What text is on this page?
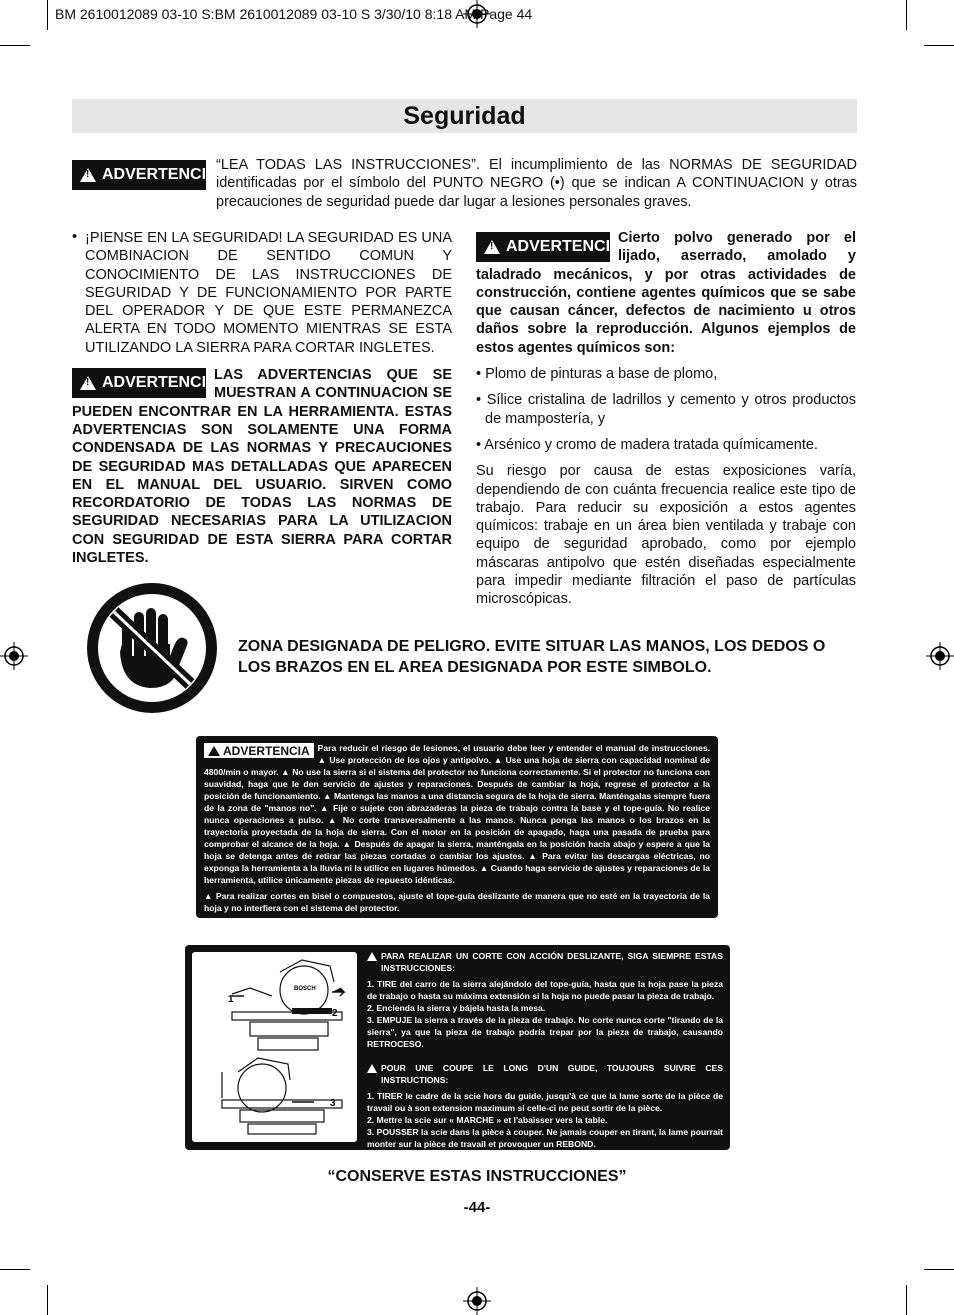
BM 2610012089 03-10 S:BM 2610012089 03-10 S 3/30/10 8:18 AM Page 44
Seguridad
!
ADVERTENCIA

“LEA TODAS LAS INSTRUCCIONES”. El incumplimiento de las NORMAS DE SEGURIDAD identificadas por el símbolo del PUNTO NEGRO (•) que se indican A CONTINUACION y otras precauciones de seguridad puede dar lugar a lesiones personales graves.

• ¡PIENSE EN LA SEGURIDAD! LA SEGURIDAD ES UNA COMBINACION DE SENTIDO COMUN Y CONOCIMIENTO DE LAS INSTRUCCIONES DE SEGURIDAD Y DE FUNCIONAMIENTO POR PARTE DEL OPERADOR Y DE QUE ESTE PERMANEZCA ALERTA EN TODO MOMENTO MIENTRAS SE ESTA UTILIZANDO LA SIERRA PARA CORTAR INGLETES.

!
ADVERTENCIA

LAS ADVERTENCIAS QUE SE MUESTRAN A CONTINUACION SE PUEDEN ENCONTRAR EN LA HERRAMIENTA. ESTAS ADVERTENCIAS SON SOLAMENTE UNA FORMA CONDENSADA DE LAS NORMAS Y PRECAUCIONES DE SEGURIDAD MAS DETALLADAS QUE APARECEN EN EL MANUAL DEL USUARIO. SIRVEN COMO RECORDATORIO DE TODAS LAS NORMAS DE SEGURIDAD NECESARIAS PARA LA UTILIZACION CON SEGURIDAD DE ESTA SIERRA PARA CORTAR INGLETES.

!
ADVERTENCIA

Cierto polvo generado por el lijado, aserrado, amolado y taladrado mecánicos, y por otras actividades de construcción, contiene agentes químicos que se sabe que causan cáncer, defectos de nacimiento u otros daños sobre la reproducción. Algunos ejemplos de estos agentes químicos son:

• Plomo de pinturas a base de plomo,

• Sílice cristalina de ladrillos y cemento y otros productos de mampostería, y

• Arsénico y cromo de madera tratada químicamente.

Su riesgo por causa de estas exposiciones varía, dependiendo de con cuánta frecuencia realice este tipo de trabajo. Para reducir su exposición a estos agentes químicos: trabaje en un área bien ventilada y trabaje con equipo de seguridad aprobado, como por ejemplo máscaras antipolvo que estén diseñadas especialmente para impedir mediante filtración el paso de partículas microscópicas.

ZONA DESIGNADA DE PELIGRO. EVITE SITUAR LAS MANOS, LOS DEDOS O LOS BRAZOS EN EL AREA DESIGNADA POR ESTE SIMBOLO.

ADVERTENCIA Para reducir el riesgo de lesiones, el usuario debe leer y entender el manual de instrucciones. ▲ Use protección de los ojos y antipolvo. ▲ Use una hoja de sierra con capacidad nominal de 4800/min o mayor. ▲ No use la sierra si el sistema del protector no funciona correctamente. Si el protector no funciona con suavidad, haga que le den servicio de ajustes y reparaciones. Después de cambiar la hoja, regrese el protector a la posición de funcionamiento. ▲ Mantenga las manos a una distancia segura de la hoja de sierra. Manténgalas siempre fuera de la zona de "manos no". ▲ Fije o sujete con abrazaderas la pieza de trabajo contra la base y el tope-guía. No realice nunca operaciones a pulso. ▲ No corte transversalmente a las manos. Nunca ponga las manos o los brazos en la trayectoria proyectada de la hoja de sierra. Con el motor en la posición de apagado, haga una pasada de prueba para comprobar el alcance de la hoja. ▲ Después de apagar la sierra, manténgala en la posición hacia abajo y espere a que la hoja se detenga antes de retirar las piezas cortadas o cambiar los ajustes. ▲ Para evitar las descargas eléctricas, no exponga la herramienta a la lluvia ni la utilice en lugares húmedos. ▲ Cuando haga servicio de ajustes y reparaciones de la herramienta, utilice únicamente piezas de repuesto idénticas.
▲ Para realizar cortes en bisel o compuestos, ajuste el tope-guía deslizante de manera que no esté en la trayectoria de la hoja y no interfiera con el sistema del protector.
1
2
3
BOSCH
PARA REALIZAR UN CORTE CON ACCIÓN DESLIZANTE, SIGA SIEMPRE ESTAS INSTRUCCIONES:
1. TIRE del carro de la sierra alejándolo del tope-guía, hasta que la hoja pase la pieza de trabajo o hasta su máxima extensión si la hoja no puede pasar la pieza de trabajo.
2. Encienda la sierra y bájela hasta la mesa.
3. EMPUJE la sierra a través de la pieza de trabajo. No corte nunca corte "tirando de la sierra", ya que la pieza de trabajo podría trepar por la pieza de trabajo, causando RETROCESO.
POUR UNE COUPE LE LONG D'UN GUIDE, TOUJOURS SUIVRE CES INSTRUCTIONS:
1. TIRER le cadre de la scie hors du guide, jusqu'à ce que la lame sorte de la pièce de travail ou à son extension maximum si celle-ci ne peut sortir de la pièce.
2. Mettre la scie sur « MARCHE » et l'abaisser vers la table.
3. POUSSER la scie dans la pièce à couper. Ne jamais couper en tirant, la lame pourrait monter sur la pièce de travail et provoquer un REBOND.

“CONSERVE ESTAS INSTRUCCIONES”

-44-
